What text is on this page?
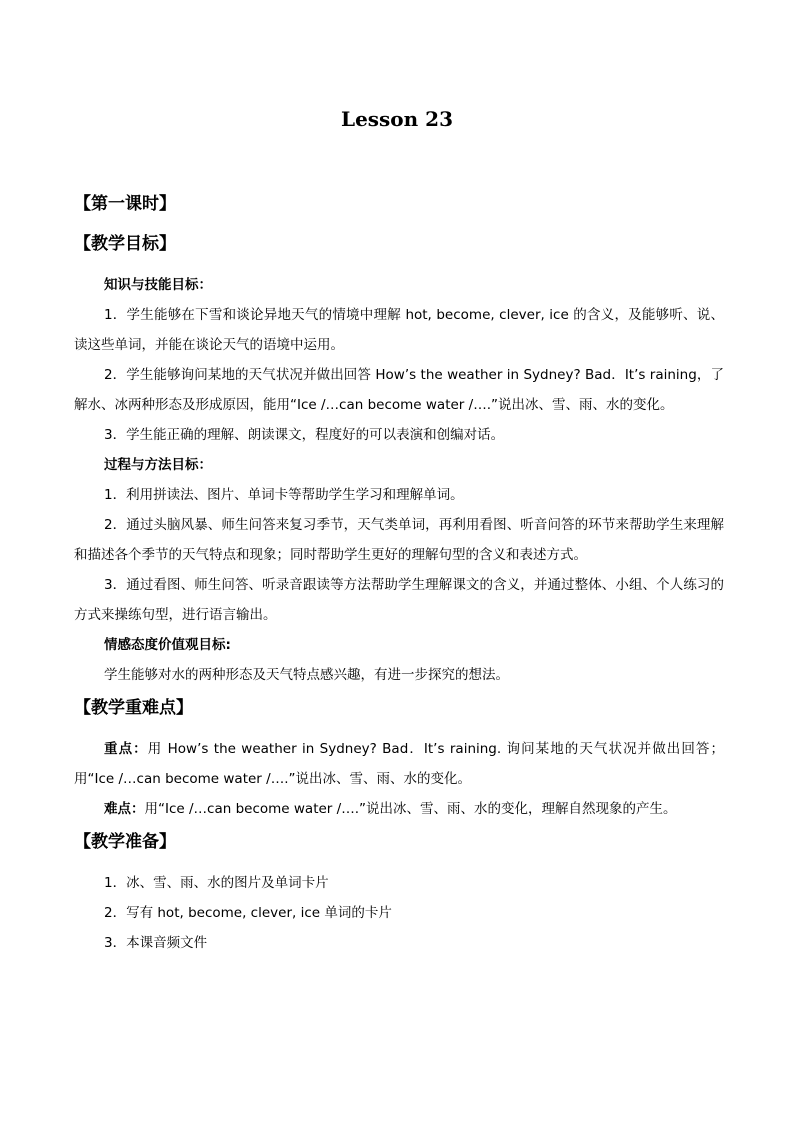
Lesson 23
【第一课时】
【教学目标】
知识与技能目标：
1．学生能够在下雪和谈论异地天气的情境中理解 hot, become, clever, ice 的含义，及能够听、说、读这些单词，并能在谈论天气的语境中运用。
2．学生能够询问某地的天气状况并做出回答 How’s the weather in Sydney? Bad．It’s raining，了解水、冰两种形态及形成原因，能用“Ice /…can become water /….”说出冰、雪、雨、水的变化。
3．学生能正确的理解、朗读课文，程度好的可以表演和创编对话。
过程与方法目标：
1．利用拼读法、图片、单词卡等帮助学生学习和理解单词。
2．通过头脑风暴、师生问答来复习季节，天气类单词，再利用看图、听音问答的环节来帮助学生来理解和描述各个季节的天气特点和现象；同时帮助学生更好的理解句型的含义和表述方式。
3．通过看图、师生问答、听录音跟读等方法帮助学生理解课文的含义，并通过整体、小组、个人练习的方式来操练句型，进行语言输出。
情感态度价值观目标:
学生能够对水的两种形态及天气特点感兴趣，有进一步探究的想法。
【教学重难点】
重点：用 How’s the weather in Sydney? Bad．It’s raining. 询问某地的天气状况并做出回答；用“Ice /…can become water /….”说出冰、雪、雨、水的变化。
难点：用“Ice /…can become water /….”说出冰、雪、雨、水的变化，理解自然现象的产生。
【教学准备】
1．冰、雪、雨、水的图片及单词卡片
2．写有 hot, become, clever, ice 单词的卡片
3．本课音频文件
